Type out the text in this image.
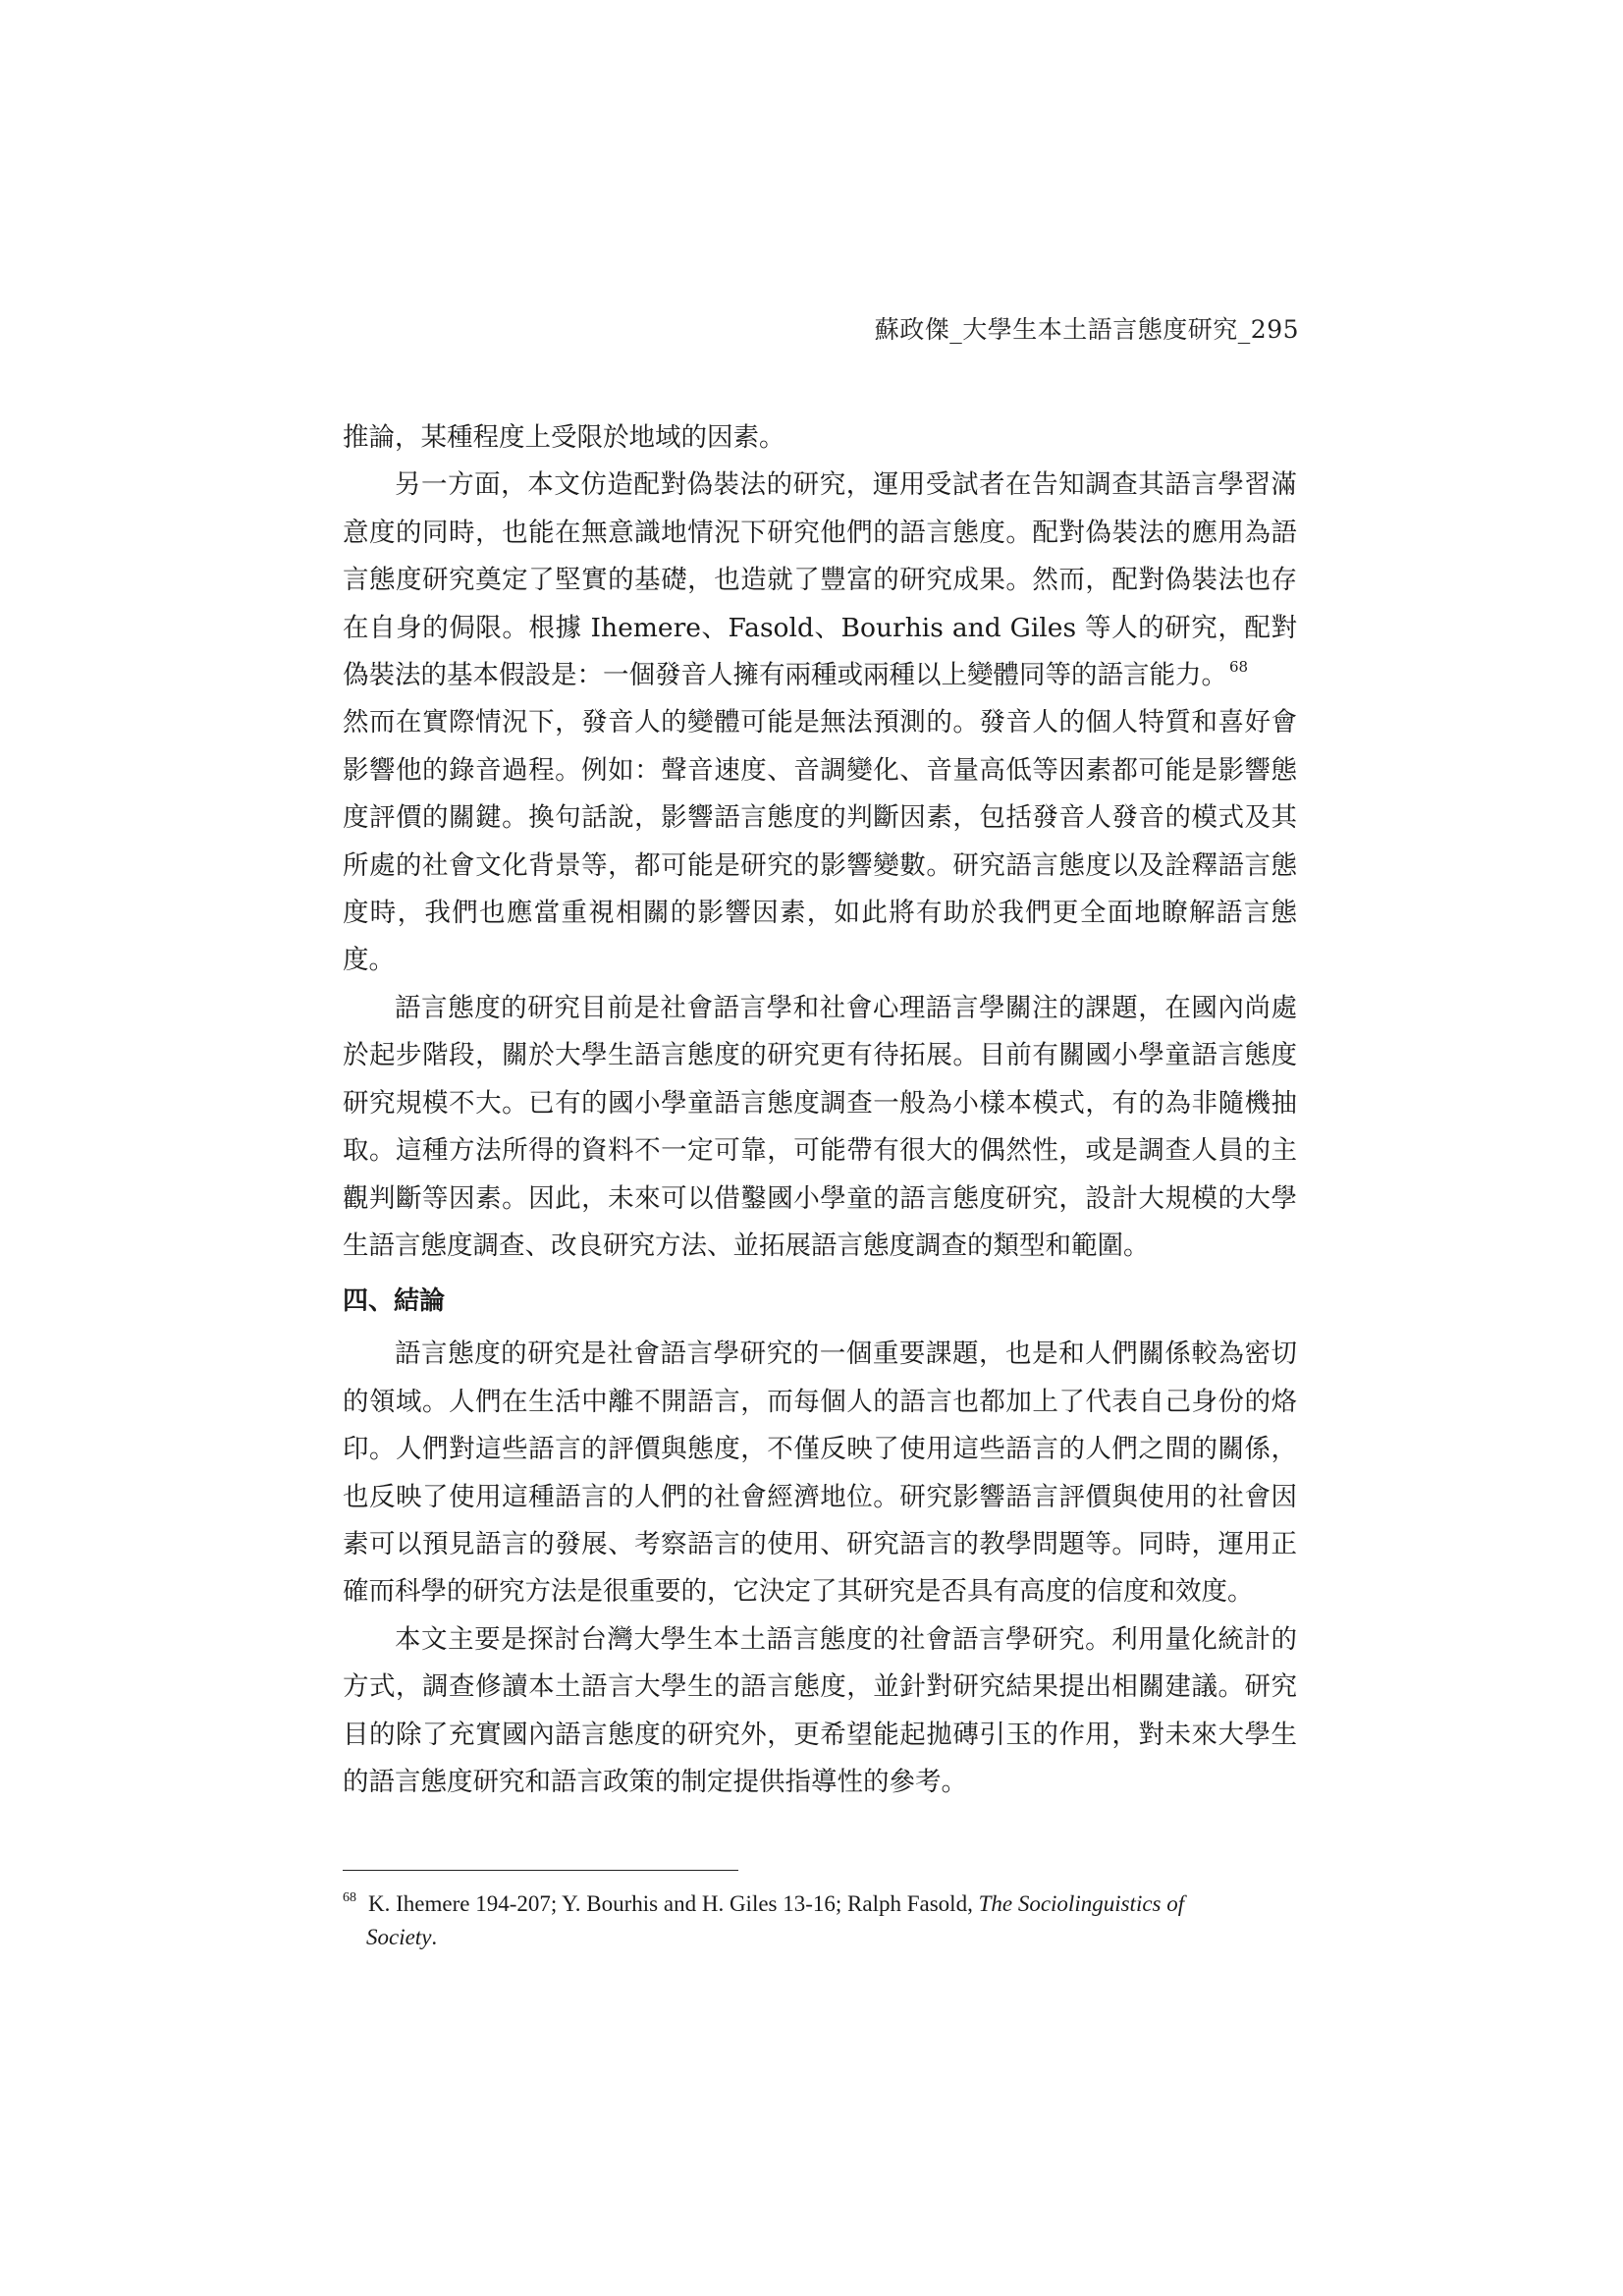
蘇政傑_大學生本土語言態度研究_295

推論，某種程度上受限於地域的因素。

另一方面，本文仿造配對偽裝法的研究，運用受試者在告知調查其語言學習滿意度的同時，也能在無意識地情況下研究他們的語言態度。配對偽裝法的應用為語言態度研究奠定了堅實的基礎，也造就了豐富的研究成果。然而，配對偽裝法也存在自身的侷限。根據 Ihemere、Fasold、Bourhis and Giles 等人的研究，配對偽裝法的基本假設是：一個發音人擁有兩種或兩種以上變體同等的語言能力。 $^{68}$
然而在實際情況下，發音人的變體可能是無法預測的。發音人的個人特質和喜好會影響他的錄音過程。例如：聲音速度、音調變化、音量高低等因素都可能是影響態度評價的關鍵。換句話說，影響語言態度的判斷因素，包括發音人發音的模式及其所處的社會文化背景等，都可能是研究的影響變數。研究語言態度以及詮釋語言態度時，我們也應當重視相關的影響因素，如此將有助於我們更全面地瞭解語言態度。

語言態度的研究目前是社會語言學和社會心理語言學關注的課題，在國內尚處於起步階段，關於大學生語言態度的研究更有待拓展。目前有關國小學童語言態度研究規模不大。已有的國小學童語言態度調查一般為小樣本模式，有的為非隨機抽取。這種方法所得的資料不一定可靠，可能帶有很大的偶然性，或是調查人員的主觀判斷等因素。因此，未來可以借鑿國小學童的語言態度研究，設計大規模的大學生語言態度調查、改良研究方法、並拓展語言態度調查的類型和範圍。

四、結論

語言態度的研究是社會語言學研究的一個重要課題，也是和人們關係較為密切的領域。人們在生活中離不開語言，而每個人的語言也都加上了代表自己身份的烙印。人們對這些語言的評價與態度，不僅反映了使用這些語言的人們之間的關係，也反映了使用這種語言的人們的社會經濟地位。研究影響語言評價與使用的社會因素可以預見語言的發展、考察語言的使用、研究語言的教學問題等。同時，運用正確而科學的研究方法是很重要的，它決定了其研究是否具有高度的信度和效度。

本文主要是探討台灣大學生本土語言態度的社會語言學研究。利用量化統計的方式，調查修讀本土語言大學生的語言態度，並針對研究結果提出相關建議。研究目的除了充實國內語言態度的研究外，更希望能起拋磚引玉的作用，對未來大學生的語言態度研究和語言政策的制定提供指導性的參考。

$^{68}$ K. Ihemere 194-207; Y. Bourhis and H. Giles 13-16; Ralph Fasold, The Sociolinguistics of
Society.
